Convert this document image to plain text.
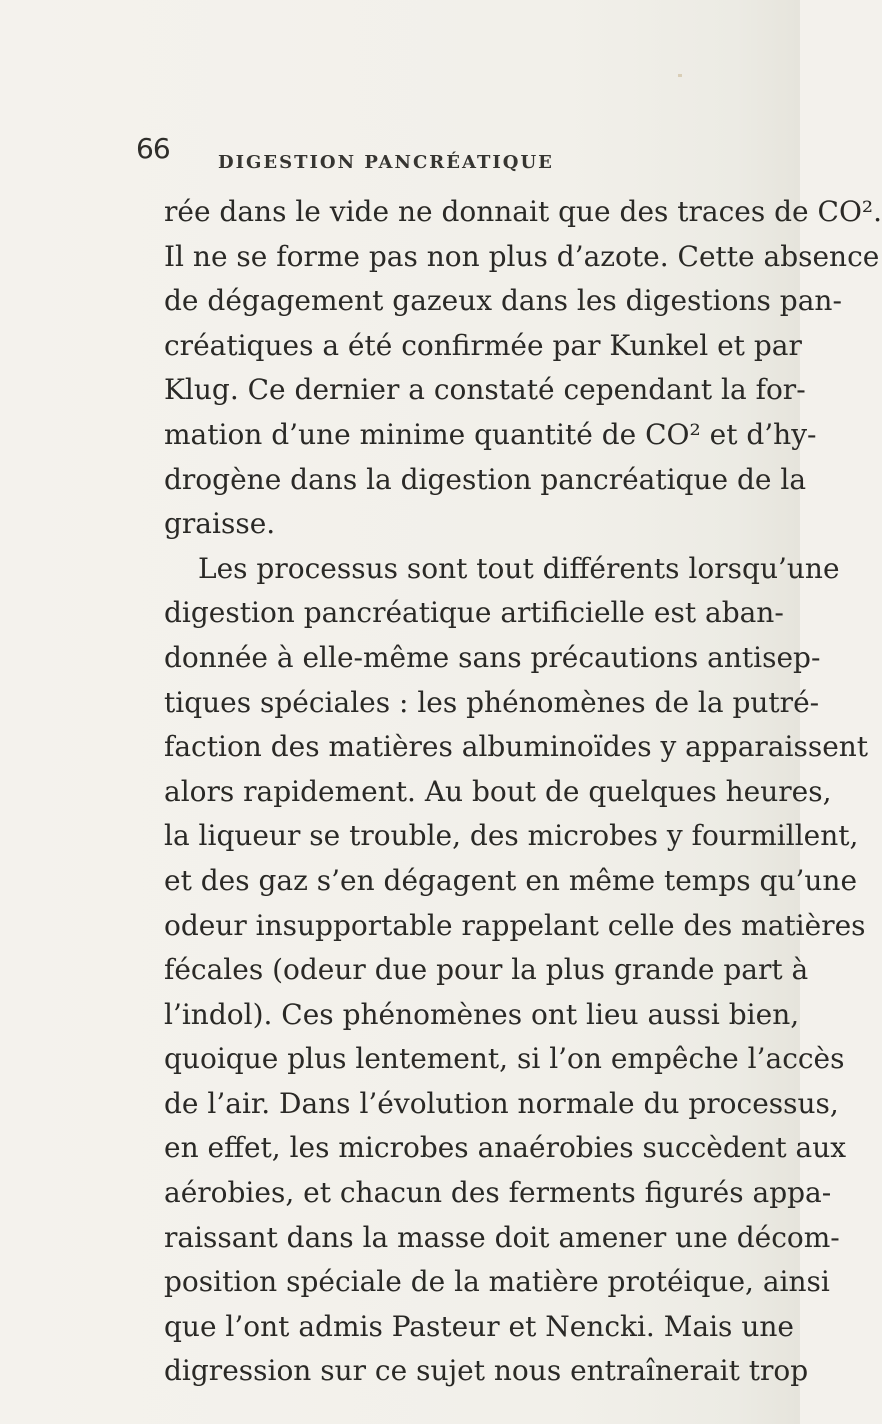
66	DIGESTION PANCRÉATIQUE
rée dans le vide ne donnait que des traces de CO².
Il ne se forme pas non plus d’azote. Cette absence
de dégagement gazeux dans les digestions pan-
créatiques a été confirmée par Kunkel et par
Klug. Ce dernier a constaté cependant la for-
mation d’une minime quantité de CO² et d’hy-
drogène dans la digestion pancréatique de la
graisse.
Les processus sont tout différents lorsqu’une
digestion pancréatique artificielle est aban-
donnée à elle-même sans précautions antisep-
tiques spéciales : les phénomènes de la putré-
faction des matières albuminoïdes y apparaissent
alors rapidement. Au bout de quelques heures,
la liqueur se trouble, des microbes y fourmillent,
et des gaz s’en dégagent en même temps qu’une
odeur insupportable rappelant celle des matières
fécales (odeur due pour la plus grande part à
l’indol). Ces phénomènes ont lieu aussi bien,
quoique plus lentement, si l’on empêche l’accès
de l’air. Dans l’évolution normale du processus,
en effet, les microbes anaérobies succèdent aux
aérobies, et chacun des ferments figurés appa-
raissant dans la masse doit amener une décom-
position spéciale de la matière protéique, ainsi
que l’ont admis Pasteur et Nencki. Mais une
digression sur ce sujet nous entraînerait trop
